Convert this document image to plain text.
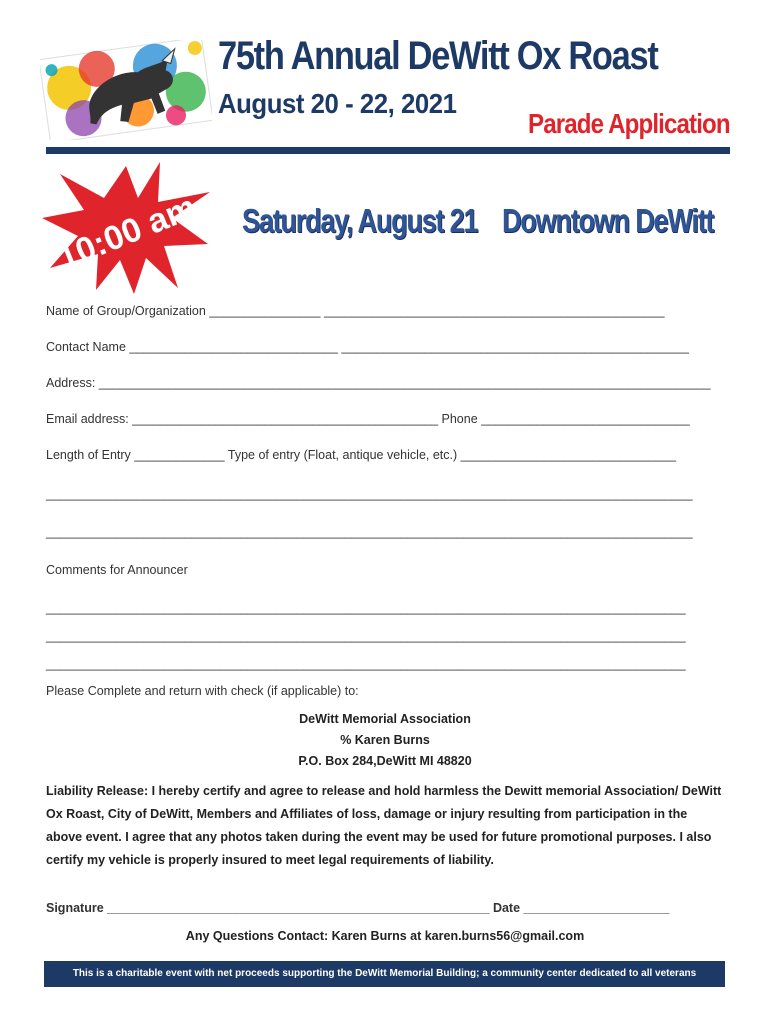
75th Annual DeWitt Ox Roast
August 20 - 22, 2021
Parade Application
10:00 am Saturday, August 21 Downtown DeWitt
Name of Group/Organization ________________ _________________________________________________
Contact Name ______________________________ __________________________________________________
Address: ________________________________________________________________________________________
Email address: ____________________________________________ Phone ______________________________
Length of Entry _____________ Type of entry (Float, antique vehicle, etc.) _______________________________
_____________________________________________________________________________________________
_____________________________________________________________________________________________
Comments for Announcer
____________________________________________________________________________________________
____________________________________________________________________________________________
____________________________________________________________________________________________
Please Complete and return with check (if applicable) to:
DeWitt Memorial Association
% Karen Burns
P.O. Box 284,DeWitt MI 48820
Liability Release: I hereby certify and agree to release and hold harmless the Dewitt memorial Association/ DeWitt Ox Roast, City of DeWitt, Members and Affiliates of loss, damage or injury resulting from participation in the above event. I agree that any photos taken during the event may be used for future promotional purposes. I also certify my vehicle is properly insured to meet legal requirements of liability.
Signature _______________________________________________________ Date _____________________
Any Questions Contact: Karen Burns at karen.burns56@gmail.com
This is a charitable event with net proceeds supporting the DeWitt Memorial Building; a community center dedicated to all veterans
